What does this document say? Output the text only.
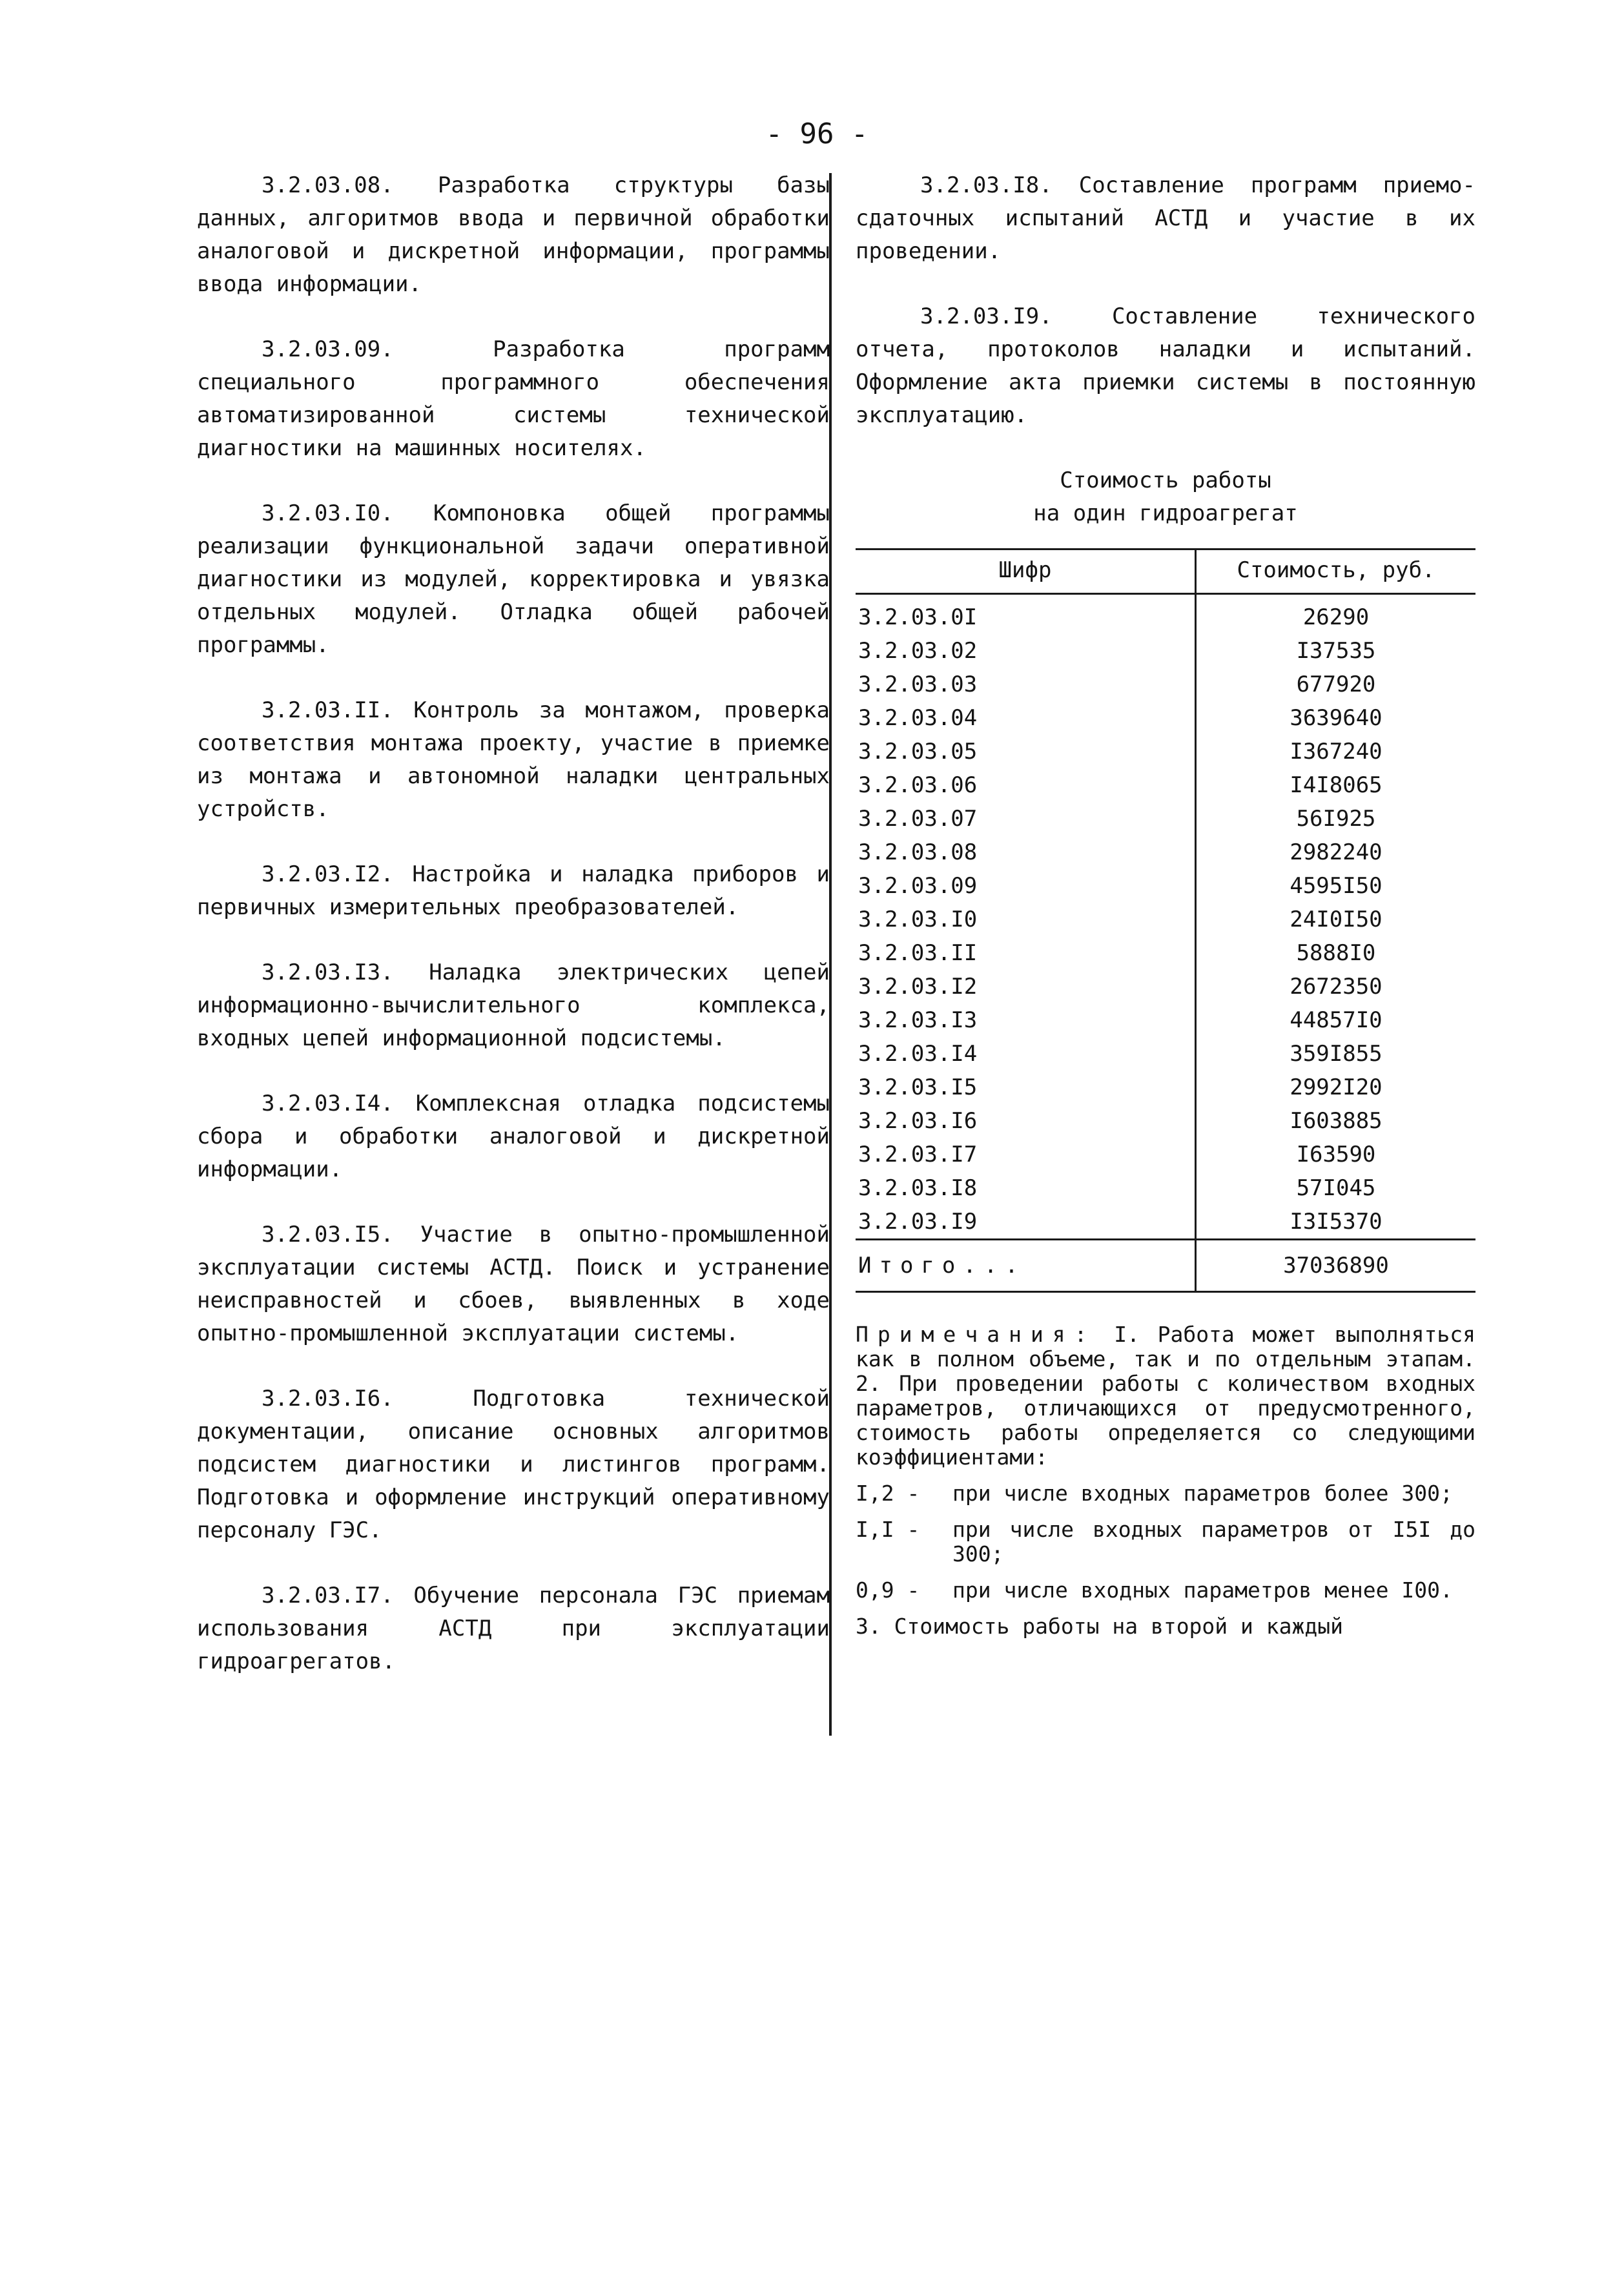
- 96 -

3.2.03.08. Разработка структуры базы данных, алгоритмов ввода и первичной обработки аналоговой и дискретной информации, программы ввода информации.

3.2.03.09.	Разработка программ специального программного обеспечения автоматизированной системы технической диагностики на машинных носителях.

3.2.03.I0. Компоновка общей программы реализации функциональной задачи оперативной диагностики из модулей, корректировка и увязка отдельных модулей. Отладка общей рабочей программы.

3.2.03.II. Контроль за монтажом, проверка соответствия монтажа проекту, участие в приемке из монтажа и автономной наладки центральных устройств.

3.2.03.I2. Настройка и наладка приборов и первичных измерительных преобразователей.

3.2.03.I3. Наладка электрических цепей информационно-вычислительного комплекса, входных цепей информационной подсистемы.

3.2.03.I4. Комплексная отладка подсистемы сбора и обработки аналоговой и дискретной информации.

3.2.03.I5. Участие в опытно-промышленной эксплуатации системы АСТД. Поиск и устранение неисправностей и сбоев, выявленных в ходе опытно-промышленной эксплуатации системы.

3.2.03.I6.	Подготовка технической документации, описание основных алгоритмов подсистем диагностики и листингов программ. Подготовка и оформление инструкций оперативному персоналу ГЭС.

3.2.03.I7. Обучение персонала ГЭС приемам использования АСТД при эксплуатации гидроагрегатов.

3.2.03.I8. Составление программ приемо-сдаточных испытаний АСТД и участие в их проведении.

3.2.03.I9.	Составление технического отчета, протоколов наладки и испытаний. Оформление акта приемки системы в постоянную эксплуатацию.

Стоимость работы
на один гидроагрегат
Шифр	Стоимость, руб.
3.2.03.0I	26290
3.2.03.02	I37535
3.2.03.03	677920
3.2.03.04	3639640
3.2.03.05	I367240
3.2.03.06	I4I8065
3.2.03.07	56I925
3.2.03.08	2982240
3.2.03.09	4595I50
3.2.03.I0	24I0I50
3.2.03.II	5888I0
3.2.03.I2	2672350
3.2.03.I3	44857I0
3.2.03.I4	359I855
3.2.03.I5	2992I20
3.2.03.I6	I603885
3.2.03.I7	I63590
3.2.03.I8	57I045
3.2.03.I9	I3I5370
Итого...	37036890
Примечания: I. Работа может выполняться как в полном объеме, так и по отдельным этапам. 2. При проведении работы с количеством входных параметров, отличающихся от предусмотренного, стоимость работы определяется со следующими коэффициентами:
I,2 -	при числе входных параметров более 300;
I,I -	при числе входных параметров от I5I до 300;
0,9 -	при числе входных параметров менее I00.
3. Стоимость работы на второй и каждый
